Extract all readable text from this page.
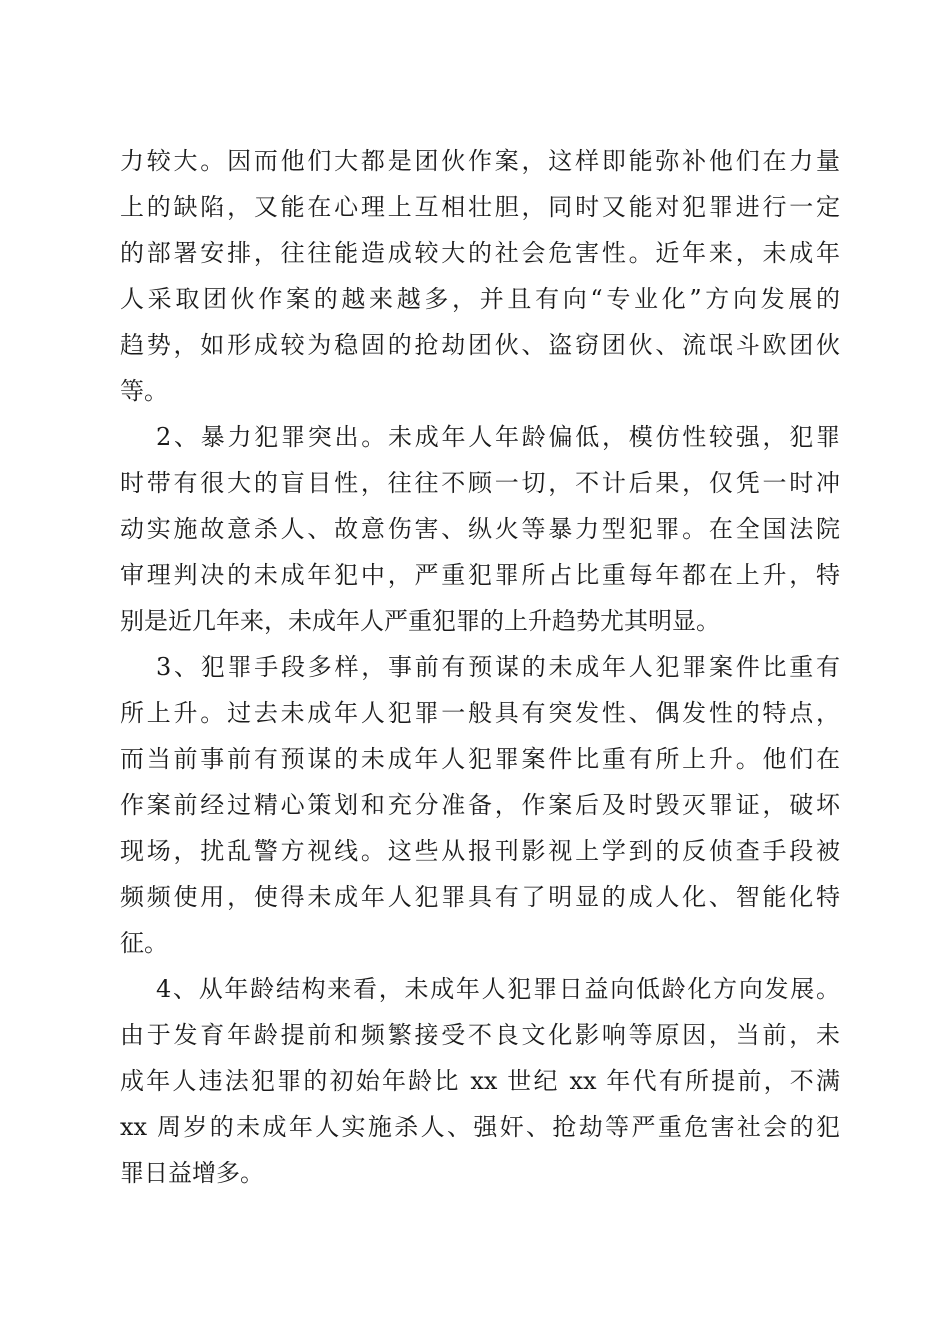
力较大。因而他们大都是团伙作案，这样即能弥补他们在力量
上的缺陷，又能在心理上互相壮胆，同时又能对犯罪进行一定
的部署安排，往往能造成较大的社会危害性。近年来，未成年
人采取团伙作案的越来越多，并且有向“专业化”方向发展的
趋势，如形成较为稳固的抢劫团伙、盗窃团伙、流氓斗欧团伙
等。
2、暴力犯罪突出。未成年人年龄偏低，模仿性较强，犯罪
时带有很大的盲目性，往往不顾一切，不计后果，仅凭一时冲
动实施故意杀人、故意伤害、纵火等暴力型犯罪。在全国法院
审理判决的未成年犯中，严重犯罪所占比重每年都在上升，特
别是近几年来，未成年人严重犯罪的上升趋势尤其明显。
3、犯罪手段多样，事前有预谋的未成年人犯罪案件比重有
所上升。过去未成年人犯罪一般具有突发性、偶发性的特点，
而当前事前有预谋的未成年人犯罪案件比重有所上升。他们在
作案前经过精心策划和充分准备，作案后及时毁灭罪证，破坏
现场，扰乱警方视线。这些从报刊影视上学到的反侦查手段被
频频使用，使得未成年人犯罪具有了明显的成人化、智能化特
征。
4、从年龄结构来看，未成年人犯罪日益向低龄化方向发展。
由于发育年龄提前和频繁接受不良文化影响等原因，当前，未
成年人违法犯罪的初始年龄比 xx 世纪 xx 年代有所提前，不满
xx 周岁的未成年人实施杀人、强奸、抢劫等严重危害社会的犯
罪日益增多。
